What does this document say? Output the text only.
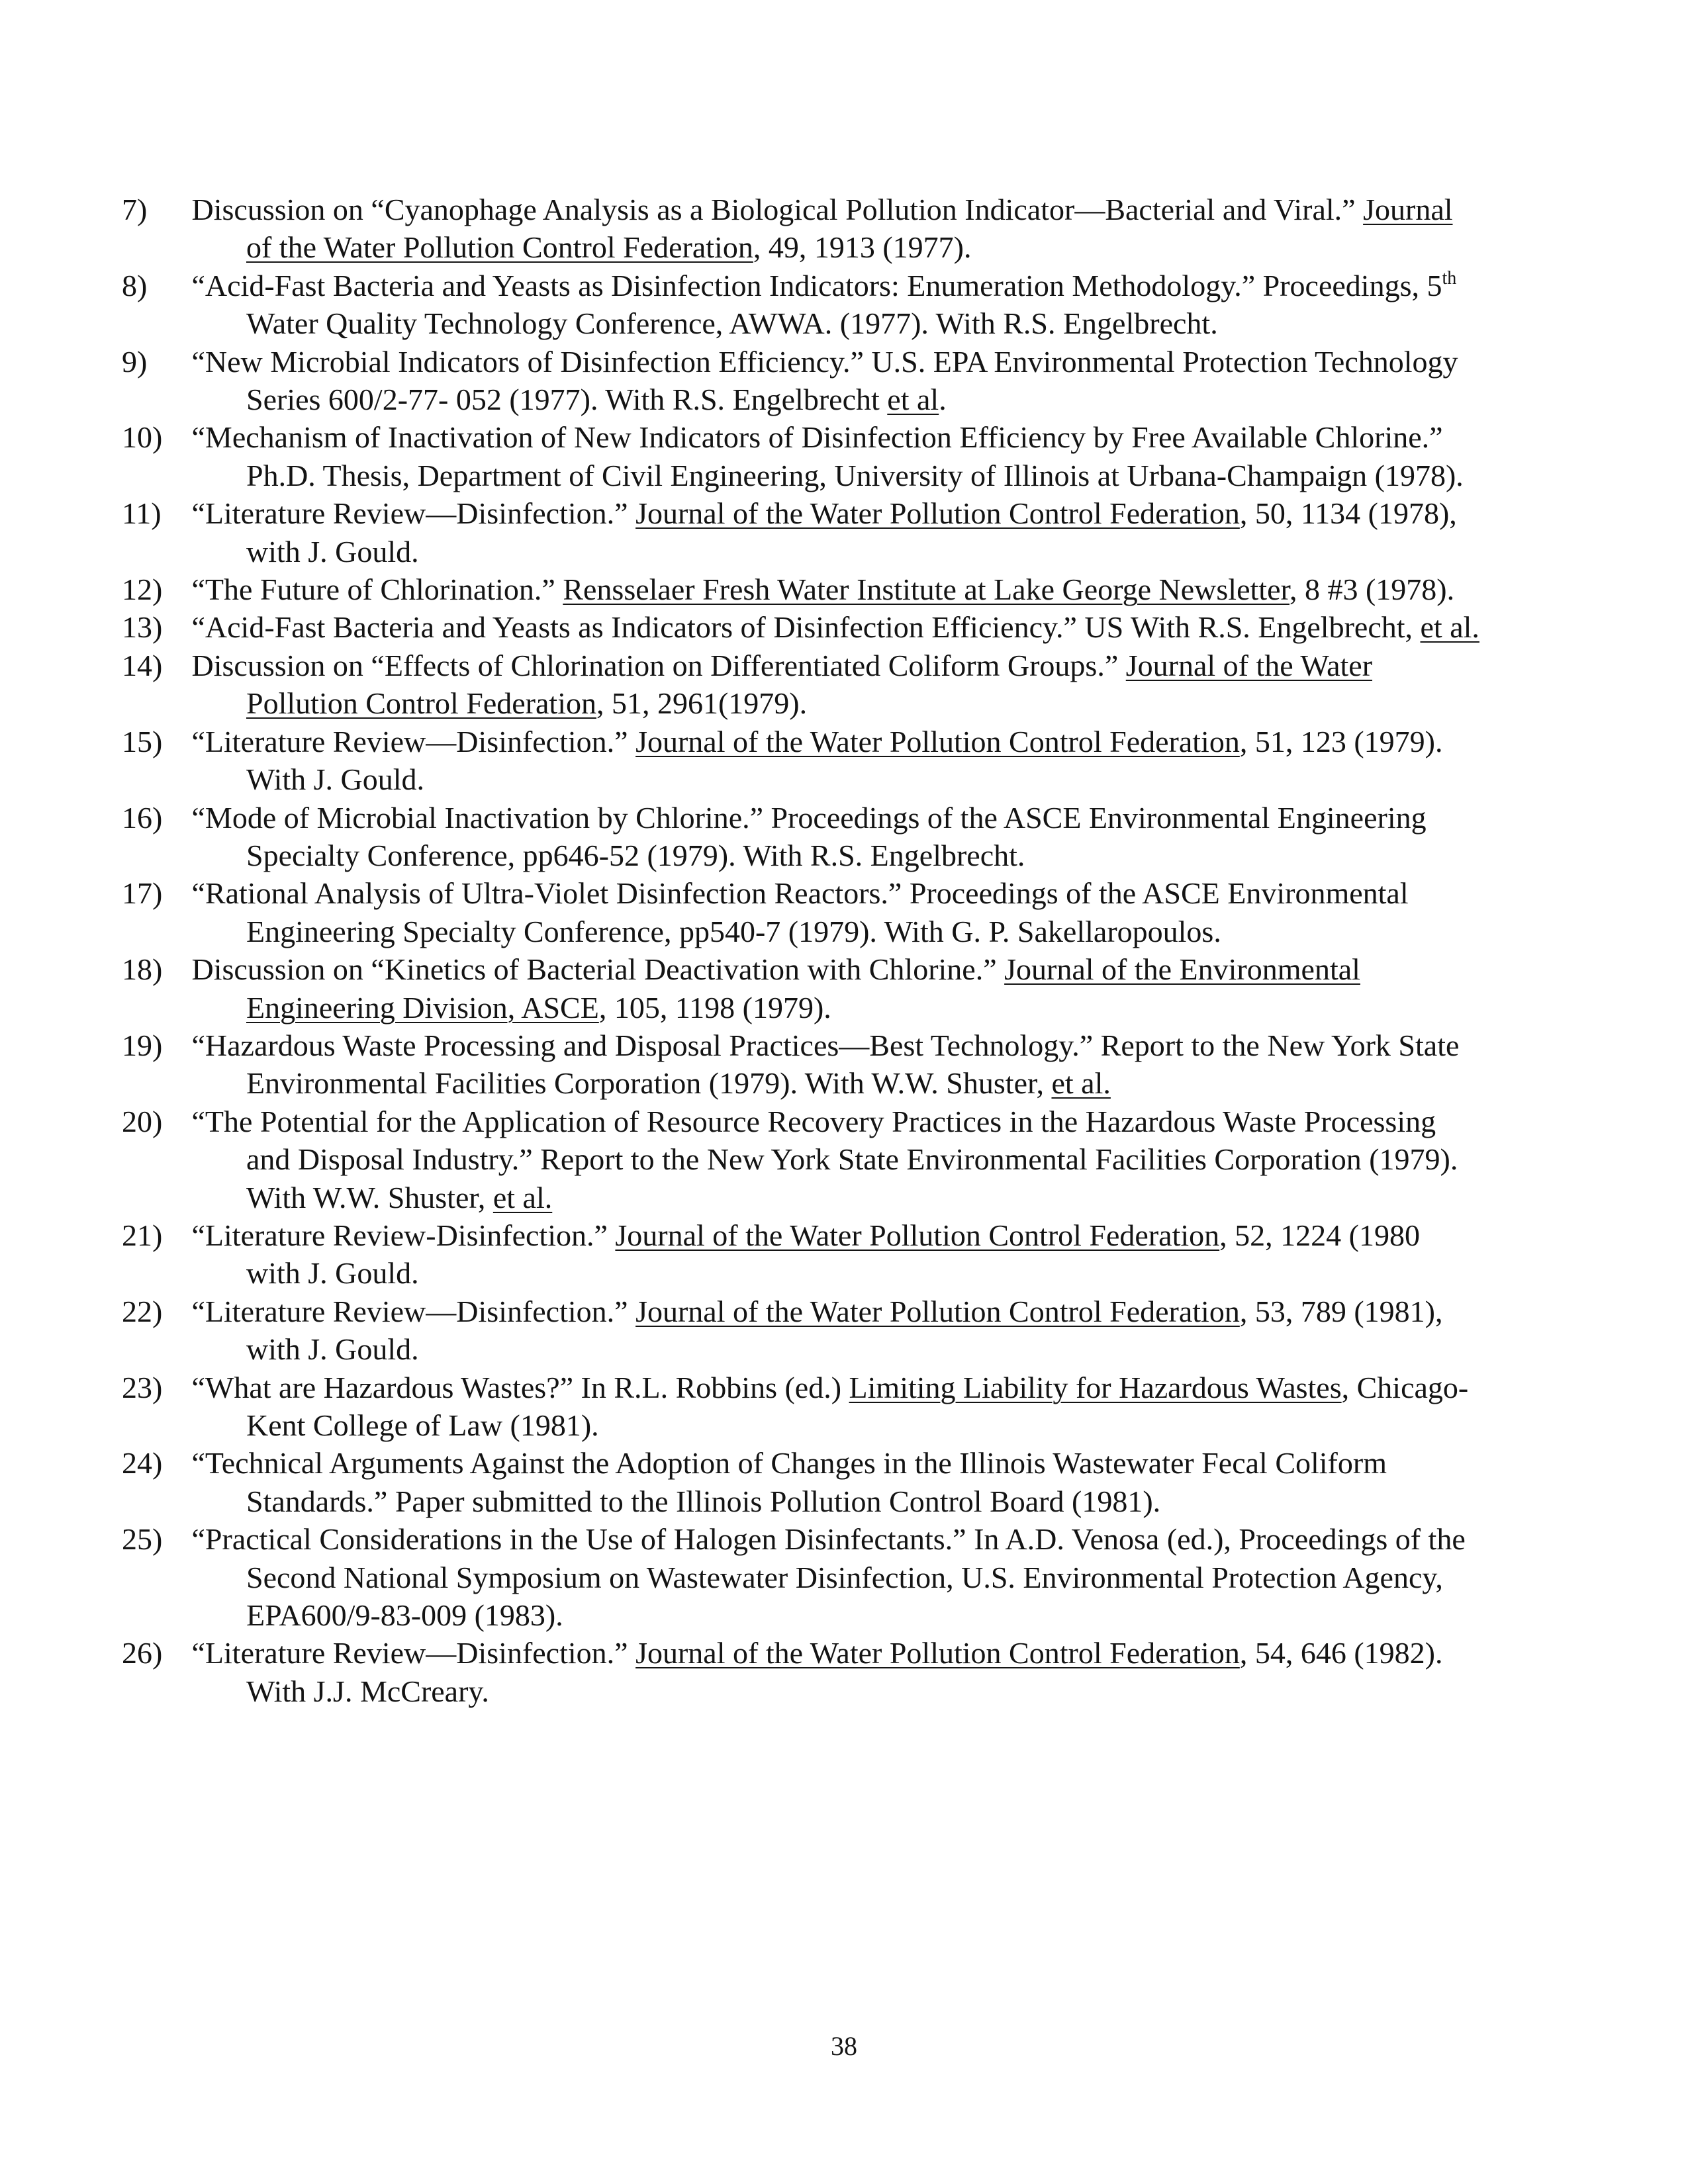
7) Discussion on “Cyanophage Analysis as a Biological Pollution Indicator—Bacterial and Viral.” Journal of the Water Pollution Control Federation, 49, 1913 (1977).
8) “Acid-Fast Bacteria and Yeasts as Disinfection Indicators: Enumeration Methodology.” Proceedings, 5th Water Quality Technology Conference, AWWA. (1977). With R.S. Engelbrecht.
9) “New Microbial Indicators of Disinfection Efficiency.” U.S. EPA Environmental Protection Technology Series 600/2-77- 052 (1977). With R.S. Engelbrecht et al.
10) “Mechanism of Inactivation of New Indicators of Disinfection Efficiency by Free Available Chlorine.” Ph.D. Thesis, Department of Civil Engineering, University of Illinois at Urbana-Champaign (1978).
11) “Literature Review—Disinfection.” Journal of the Water Pollution Control Federation, 50, 1134 (1978), with J. Gould.
12) “The Future of Chlorination.” Rensselaer Fresh Water Institute at Lake George Newsletter, 8 #3 (1978).
13) “Acid-Fast Bacteria and Yeasts as Indicators of Disinfection Efficiency.” US With R.S. Engelbrecht, et al.
14) Discussion on “Effects of Chlorination on Differentiated Coliform Groups.” Journal of the Water Pollution Control Federation, 51, 2961(1979).
15) “Literature Review—Disinfection.” Journal of the Water Pollution Control Federation, 51, 123 (1979). With J. Gould.
16) “Mode of Microbial Inactivation by Chlorine.” Proceedings of the ASCE Environmental Engineering Specialty Conference, pp646-52 (1979). With R.S. Engelbrecht.
17) “Rational Analysis of Ultra-Violet Disinfection Reactors.” Proceedings of the ASCE Environmental Engineering Specialty Conference, pp540-7 (1979). With G. P. Sakellaropoulos.
18) Discussion on “Kinetics of Bacterial Deactivation with Chlorine.” Journal of the Environmental Engineering Division, ASCE, 105, 1198 (1979).
19) “Hazardous Waste Processing and Disposal Practices—Best Technology.” Report to the New York State Environmental Facilities Corporation (1979). With W.W. Shuster, et al.
20) “The Potential for the Application of Resource Recovery Practices in the Hazardous Waste Processing and Disposal Industry.” Report to the New York State Environmental Facilities Corporation (1979). With W.W. Shuster, et al.
21) “Literature Review-Disinfection.” Journal of the Water Pollution Control Federation, 52, 1224 (1980 with J. Gould.
22) “Literature Review—Disinfection.” Journal of the Water Pollution Control Federation, 53, 789 (1981), with J. Gould.
23) “What are Hazardous Wastes?” In R.L. Robbins (ed.) Limiting Liability for Hazardous Wastes, Chicago-Kent College of Law (1981).
24) “Technical Arguments Against the Adoption of Changes in the Illinois Wastewater Fecal Coliform Standards.” Paper submitted to the Illinois Pollution Control Board (1981).
25) “Practical Considerations in the Use of Halogen Disinfectants.” In A.D. Venosa (ed.), Proceedings of the Second National Symposium on Wastewater Disinfection, U.S. Environmental Protection Agency, EPA600/9-83-009 (1983).
26) “Literature Review—Disinfection.” Journal of the Water Pollution Control Federation, 54, 646 (1982). With J.J. McCreary.
38
